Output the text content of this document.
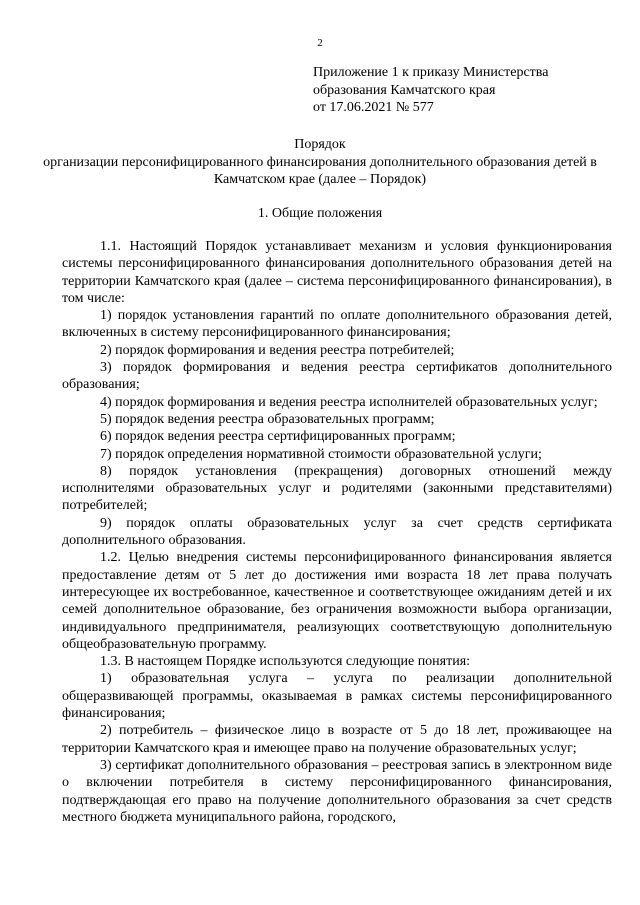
2
Приложение 1 к приказу Министерства
образования Камчатского края
от 17.06.2021 № 577
Порядок
организации персонифицированного финансирования дополнительного образования детей в Камчатском крае (далее – Порядок)
1. Общие положения

1.1. Настоящий Порядок устанавливает механизм и условия функционирования системы персонифицированного финансирования дополнительного образования детей на территории Камчатского края (далее – система персонифицированного финансирования), в том числе:

1) порядок установления гарантий по оплате дополнительного образования детей, включенных в систему персонифицированного финансирования;

2) порядок формирования и ведения реестра потребителей;

3) порядок формирования и ведения реестра сертификатов дополнительного образования;

4) порядок формирования и ведения реестра исполнителей образовательных услуг;

5) порядок ведения реестра образовательных программ;

6) порядок ведения реестра сертифицированных программ;

7) порядок определения нормативной стоимости образовательной услуги;

8) порядок установления (прекращения) договорных отношений между исполнителями образовательных услуг и родителями (законными представителями) потребителей;

9) порядок оплаты образовательных услуг за счет средств сертификата дополнительного образования.

1.2. Целью внедрения системы персонифицированного финансирования является предоставление детям от 5 лет до достижения ими возраста 18 лет права получать интересующее их востребованное, качественное и соответствующее ожиданиям детей и их семей дополнительное образование, без ограничения возможности выбора организации, индивидуального предпринимателя, реализующих соответствующую дополнительную общеобразовательную программу.

1.3. В настоящем Порядке используются следующие понятия:

1) образовательная услуга – услуга по реализации дополнительной общеразвивающей программы, оказываемая в рамках системы персонифицированного финансирования;

2) потребитель – физическое лицо в возрасте от 5 до 18 лет, проживающее на территории Камчатского края и имеющее право на получение образовательных услуг;

3) сертификат дополнительного образования – реестровая запись в электронном виде о включении потребителя в систему персонифицированного финансирования, подтверждающая его право на получение дополнительного образования за счет средств местного бюджета муниципального района, городского,
